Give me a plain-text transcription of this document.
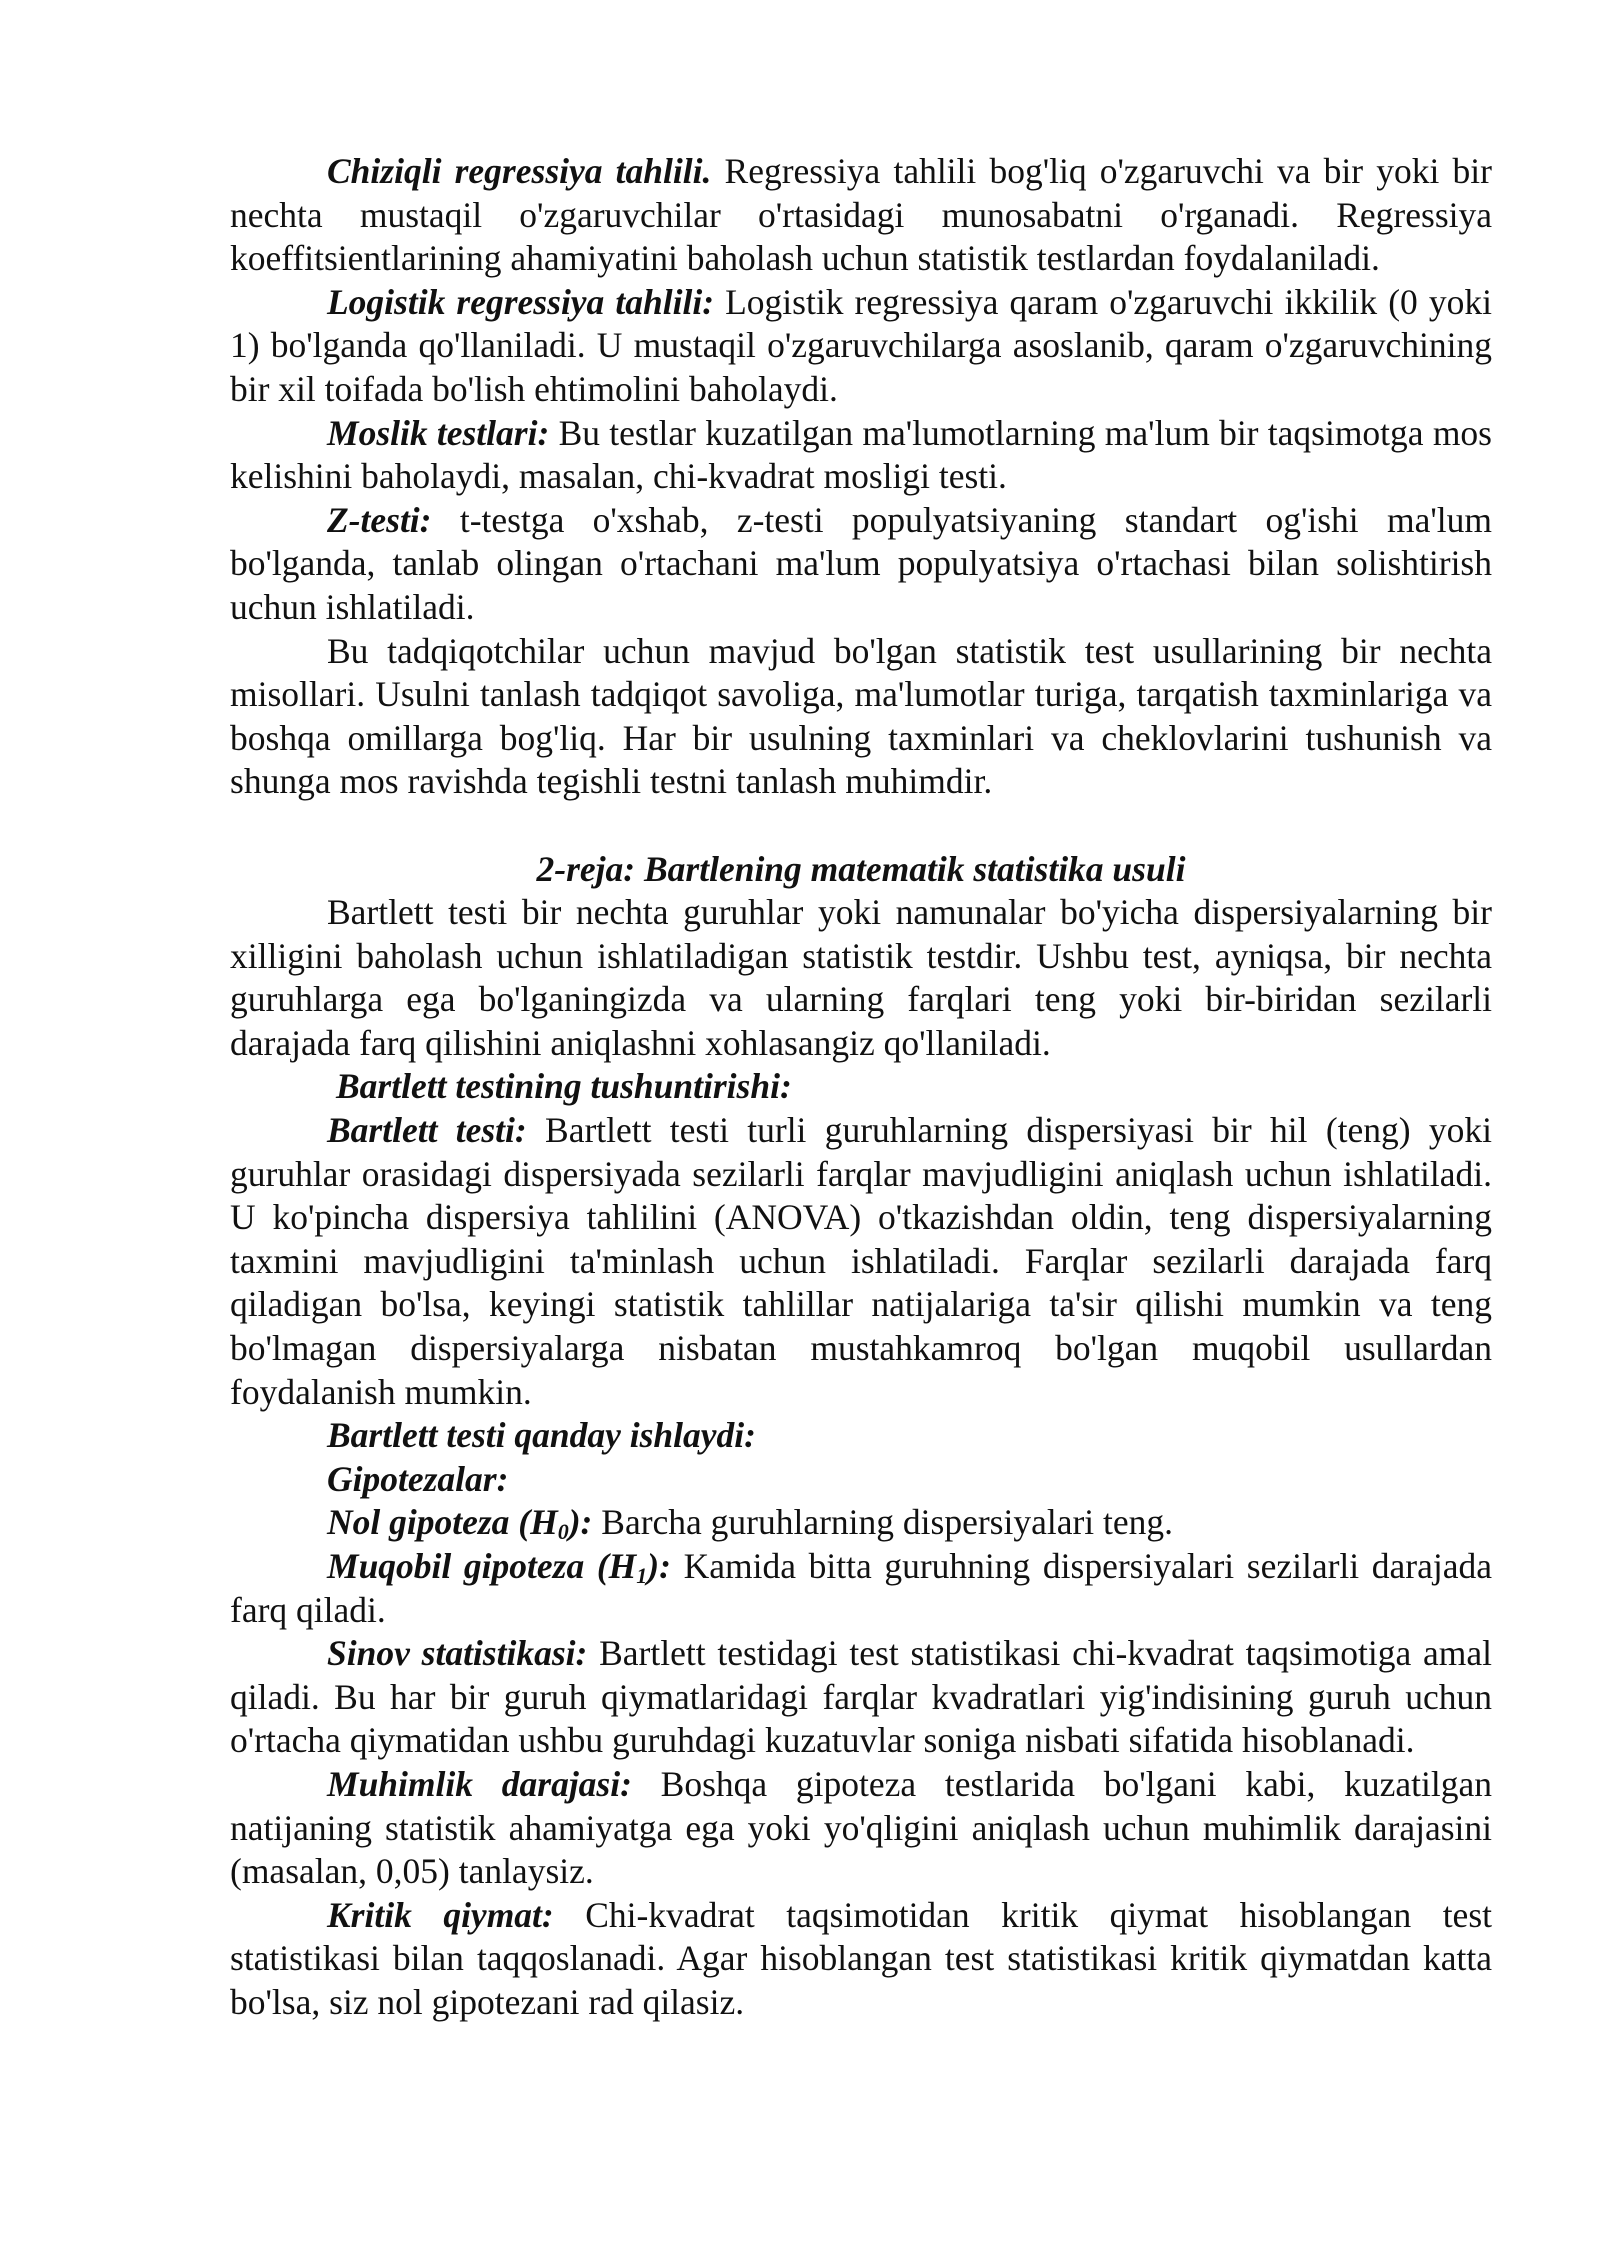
Chiziqli regressiya tahlili. Regressiya tahlili bog'liq o'zgaruvchi va bir yoki bir nechta mustaqil o'zgaruvchilar o'rtasidagi munosabatni o'rganadi. Regressiya koeffitsientlarining ahamiyatini baholash uchun statistik testlardan foydalaniladi.

Logistik regressiya tahlili: Logistik regressiya qaram o'zgaruvchi ikkilik (0 yoki 1) bo'lganda qo'llaniladi. U mustaqil o'zgaruvchilarga asoslanib, qaram o'zgaruvchining bir xil toifada bo'lish ehtimolini baholaydi.

Moslik testlari: Bu testlar kuzatilgan ma'lumotlarning ma'lum bir taqsimotga mos kelishini baholaydi, masalan, chi-kvadrat mosligi testi.

Z-testi: t-testga o'xshab, z-testi populyatsiyaning standart og'ishi ma'lum bo'lganda, tanlab olingan o'rtachani ma'lum populyatsiya o'rtachasi bilan solishtirish uchun ishlatiladi.

Bu tadqiqotchilar uchun mavjud bo'lgan statistik test usullarining bir nechta misollari. Usulni tanlash tadqiqot savoliga, ma'lumotlar turiga, tarqatish taxminlariga va boshqa omillarga bog'liq. Har bir usulning taxminlari va cheklovlarini tushunish va shunga mos ravishda tegishli testni tanlash muhimdir.

2-reja: Bartlening matematik statistika usuli

Bartlett testi bir nechta guruhlar yoki namunalar bo'yicha dispersiyalarning bir xilligini baholash uchun ishlatiladigan statistik testdir. Ushbu test, ayniqsa, bir nechta guruhlarga ega bo'lganingizda va ularning farqlari teng yoki bir-biridan sezilarli darajada farq qilishini aniqlashni xohlasangiz qo'llaniladi.

Bartlett testining tushuntirishi:

Bartlett testi: Bartlett testi turli guruhlarning dispersiyasi bir hil (teng) yoki guruhlar orasidagi dispersiyada sezilarli farqlar mavjudligini aniqlash uchun ishlatiladi. U ko'pincha dispersiya tahlilini (ANOVA) o'tkazishdan oldin, teng dispersiyalarning taxmini mavjudligini ta'minlash uchun ishlatiladi. Farqlar sezilarli darajada farq qiladigan bo'lsa, keyingi statistik tahlillar natijalariga ta'sir qilishi mumkin va teng bo'lmagan dispersiyalarga nisbatan mustahkamroq bo'lgan muqobil usullardan foydalanish mumkin.

Bartlett testi qanday ishlaydi:

Gipotezalar:

Nol gipoteza $(H_0)$: Barcha guruhlarning dispersiyalari teng.

Muqobil gipoteza $(H_1)$: Kamida bitta guruhning dispersiyalari sezilarli darajada farq qiladi.

Sinov statistikasi: Bartlett testidagi test statistikasi chi-kvadrat taqsimotiga amal qiladi. Bu har bir guruh qiymatlaridagi farqlar kvadratlari yig'indisining guruh uchun o'rtacha qiymatidan ushbu guruhdagi kuzatuvlar soniga nisbati sifatida hisoblanadi.

Muhimlik darajasi: Boshqa gipoteza testlarida bo'lgani kabi, kuzatilgan natijaning statistik ahamiyatga ega yoki yo'qligini aniqlash uchun muhimlik darajasini (masalan, 0,05) tanlaysiz.

Kritik qiymat: Chi-kvadrat taqsimotidan kritik qiymat hisoblangan test statistikasi bilan taqqoslanadi. Agar hisoblangan test statistikasi kritik qiymatdan katta bo'lsa, siz nol gipotezani rad qilasiz.
